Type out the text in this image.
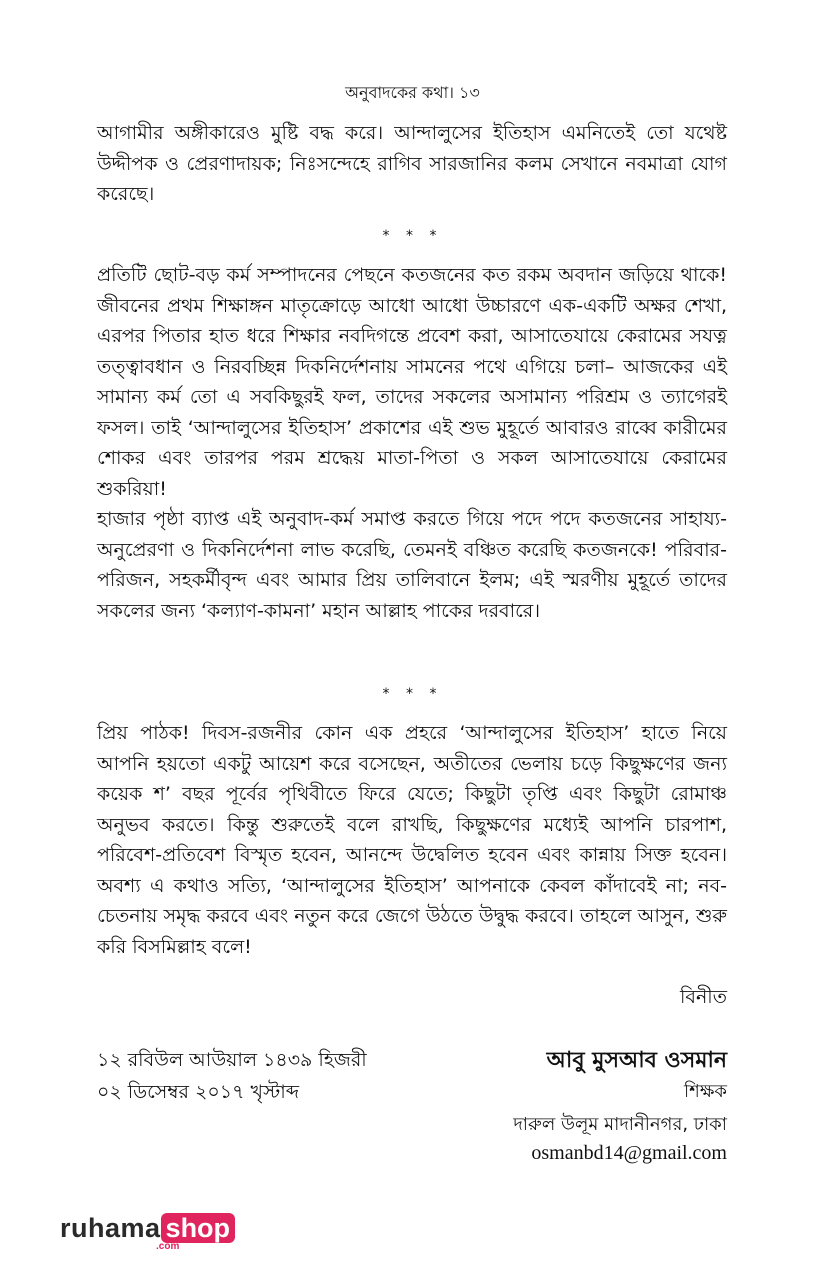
অনুবাদকের কথা। ১৩

আগামীর অঙ্গীকারেও মুষ্টি বদ্ধ করে। আন্দালুসের ইতিহাস এমনিতেই তো যথেষ্ট উদ্দীপক ও প্রেরণাদায়ক; নিঃসন্দেহে রাগিব সারজানির কলম সেখানে নবমাত্রা যোগ করেছে।

* * *

প্রতিটি ছোট-বড় কর্ম সম্পাদনের পেছনে কতজনের কত রকম অবদান জড়িয়ে থাকে! জীবনের প্রথম শিক্ষাঙ্গন মাতৃক্রোড়ে আধো আধো উচ্চারণে এক-একটি অক্ষর শেখা, এরপর পিতার হাত ধরে শিক্ষার নবদিগন্তে প্রবেশ করা, আসাতেযায়ে কেরামের সযত্ন তত্ত্বাবধান ও নিরবচ্ছিন্ন দিকনির্দেশনায় সামনের পথে এগিয়ে চলা– আজকের এই সামান্য কর্ম তো এ সবকিছুরই ফল, তাদের সকলের অসামান্য পরিশ্রম ও ত্যাগেরই ফসল। তাই ‘আন্দালুসের ইতিহাস’ প্রকাশের এই শুভ মুহূর্তে আবারও রাব্বে কারীমের শোকর এবং তারপর পরম শ্রদ্ধেয় মাতা-পিতা ও সকল আসাতেযায়ে কেরামের শুকরিয়া!

হাজার পৃষ্ঠা ব্যাপ্ত এই অনুবাদ-কর্ম সমাপ্ত করতে গিয়ে পদে পদে কতজনের সাহায্য-অনুপ্রেরণা ও দিকনির্দেশনা লাভ করেছি, তেমনই বঞ্চিত করেছি কতজনকে! পরিবার-পরিজন, সহকর্মীবৃন্দ এবং আমার প্রিয় তালিবানে ইলম; এই স্মরণীয় মুহূর্তে তাদের সকলের জন্য ‘কল্যাণ-কামনা’ মহান আল্লাহ পাকের দরবারে।

* * *

প্রিয় পাঠক! দিবস-রজনীর কোন এক প্রহরে ‘আন্দালুসের ইতিহাস’ হাতে নিয়ে আপনি হয়তো একটু আয়েশ করে বসেছেন, অতীতের ভেলায় চড়ে কিছুক্ষণের জন্য কয়েক শ’ বছর পূর্বের পৃথিবীতে ফিরে যেতে; কিছুটা তৃপ্তি এবং কিছুটা রোমাঞ্চ অনুভব করতে। কিন্তু শুরুতেই বলে রাখছি, কিছুক্ষণের মধ্যেই আপনি চারপাশ, পরিবেশ-প্রতিবেশ বিস্মৃত হবেন, আনন্দে উদ্বেলিত হবেন এবং কান্নায় সিক্ত হবেন। অবশ্য এ কথাও সত্যি, ‘আন্দালুসের ইতিহাস’ আপনাকে কেবল কাঁদাবেই না; নব-চেতনায় সমৃদ্ধ করবে এবং নতুন করে জেগে উঠতে উদ্বুদ্ধ করবে। তাহলে আসুন, শুরু করি বিসমিল্লাহ বলে!

বিনীত
১২ রবিউল আউয়াল ১৪৩৯ হিজরী
০২ ডিসেম্বর ২০১৭ খৃস্টাব্দ
আবু মুসআব ওসমান
শিক্ষক
দারুল উলূম মাদানীনগর, ঢাকা
osmanbd14@gmail.com
ruhama shop
.com
